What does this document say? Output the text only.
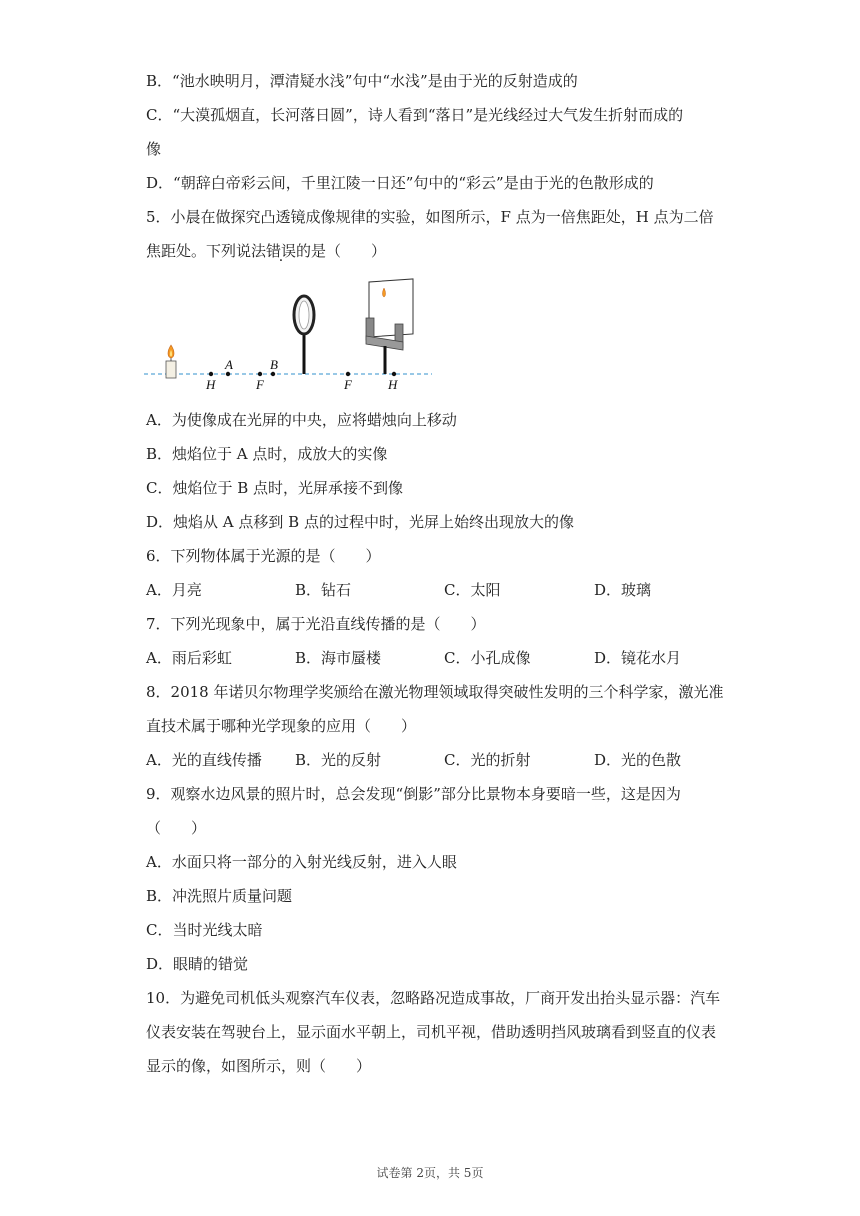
B．“池水映明月，潭清疑水浅”句中“水浅”是由于光的反射造成的
C．“大漠孤烟直，长河落日圆”，诗人看到“落日”是光线经过大气发生折射而成的
像
D．“朝辞白帝彩云间，千里江陵一日还”句中的“彩云”是由于光的色散形成的
5．小晨在做探究凸透镜成像规律的实验，如图所示，F 点为一倍焦距处，H 点为二倍
焦距处。下列说法错误的是（　　）
H
A
F
B
F	H
A．为使像成在光屏的中央，应将蜡烛向上移动
B．烛焰位于 A 点时，成放大的实像
C．烛焰位于 B 点时，光屏承接不到像
D．烛焰从 A 点移到 B 点的过程中时，光屏上始终出现放大的像
6．下列物体属于光源的是（　　）
A．月亮	B．钻石	C．太阳	D．玻璃
7．下列光现象中，属于光沿直线传播的是（　　）
A．雨后彩虹	B．海市蜃楼	C．小孔成像	D．镜花水月
8．2018 年诺贝尔物理学奖颁给在激光物理领域取得突破性发明的三个科学家，激光准
直技术属于哪种光学现象的应用（　　）
A．光的直线传播 B．光的反射	C．光的折射	D．光的色散
9．观察水边风景的照片时，总会发现“倒影”部分比景物本身要暗一些，这是因为
（　　）
A．水面只将一部分的入射光线反射，进入人眼
B．冲洗照片质量问题
C．当时光线太暗
D．眼睛的错觉
10．为避免司机低头观察汽车仪表，忽略路况造成事故，厂商开发出抬头显示器：汽车
仪表安装在驾驶台上，显示面水平朝上，司机平视，借助透明挡风玻璃看到竖直的仪表
显示的像，如图所示，则（　　）
试卷第 2页，共 5页
